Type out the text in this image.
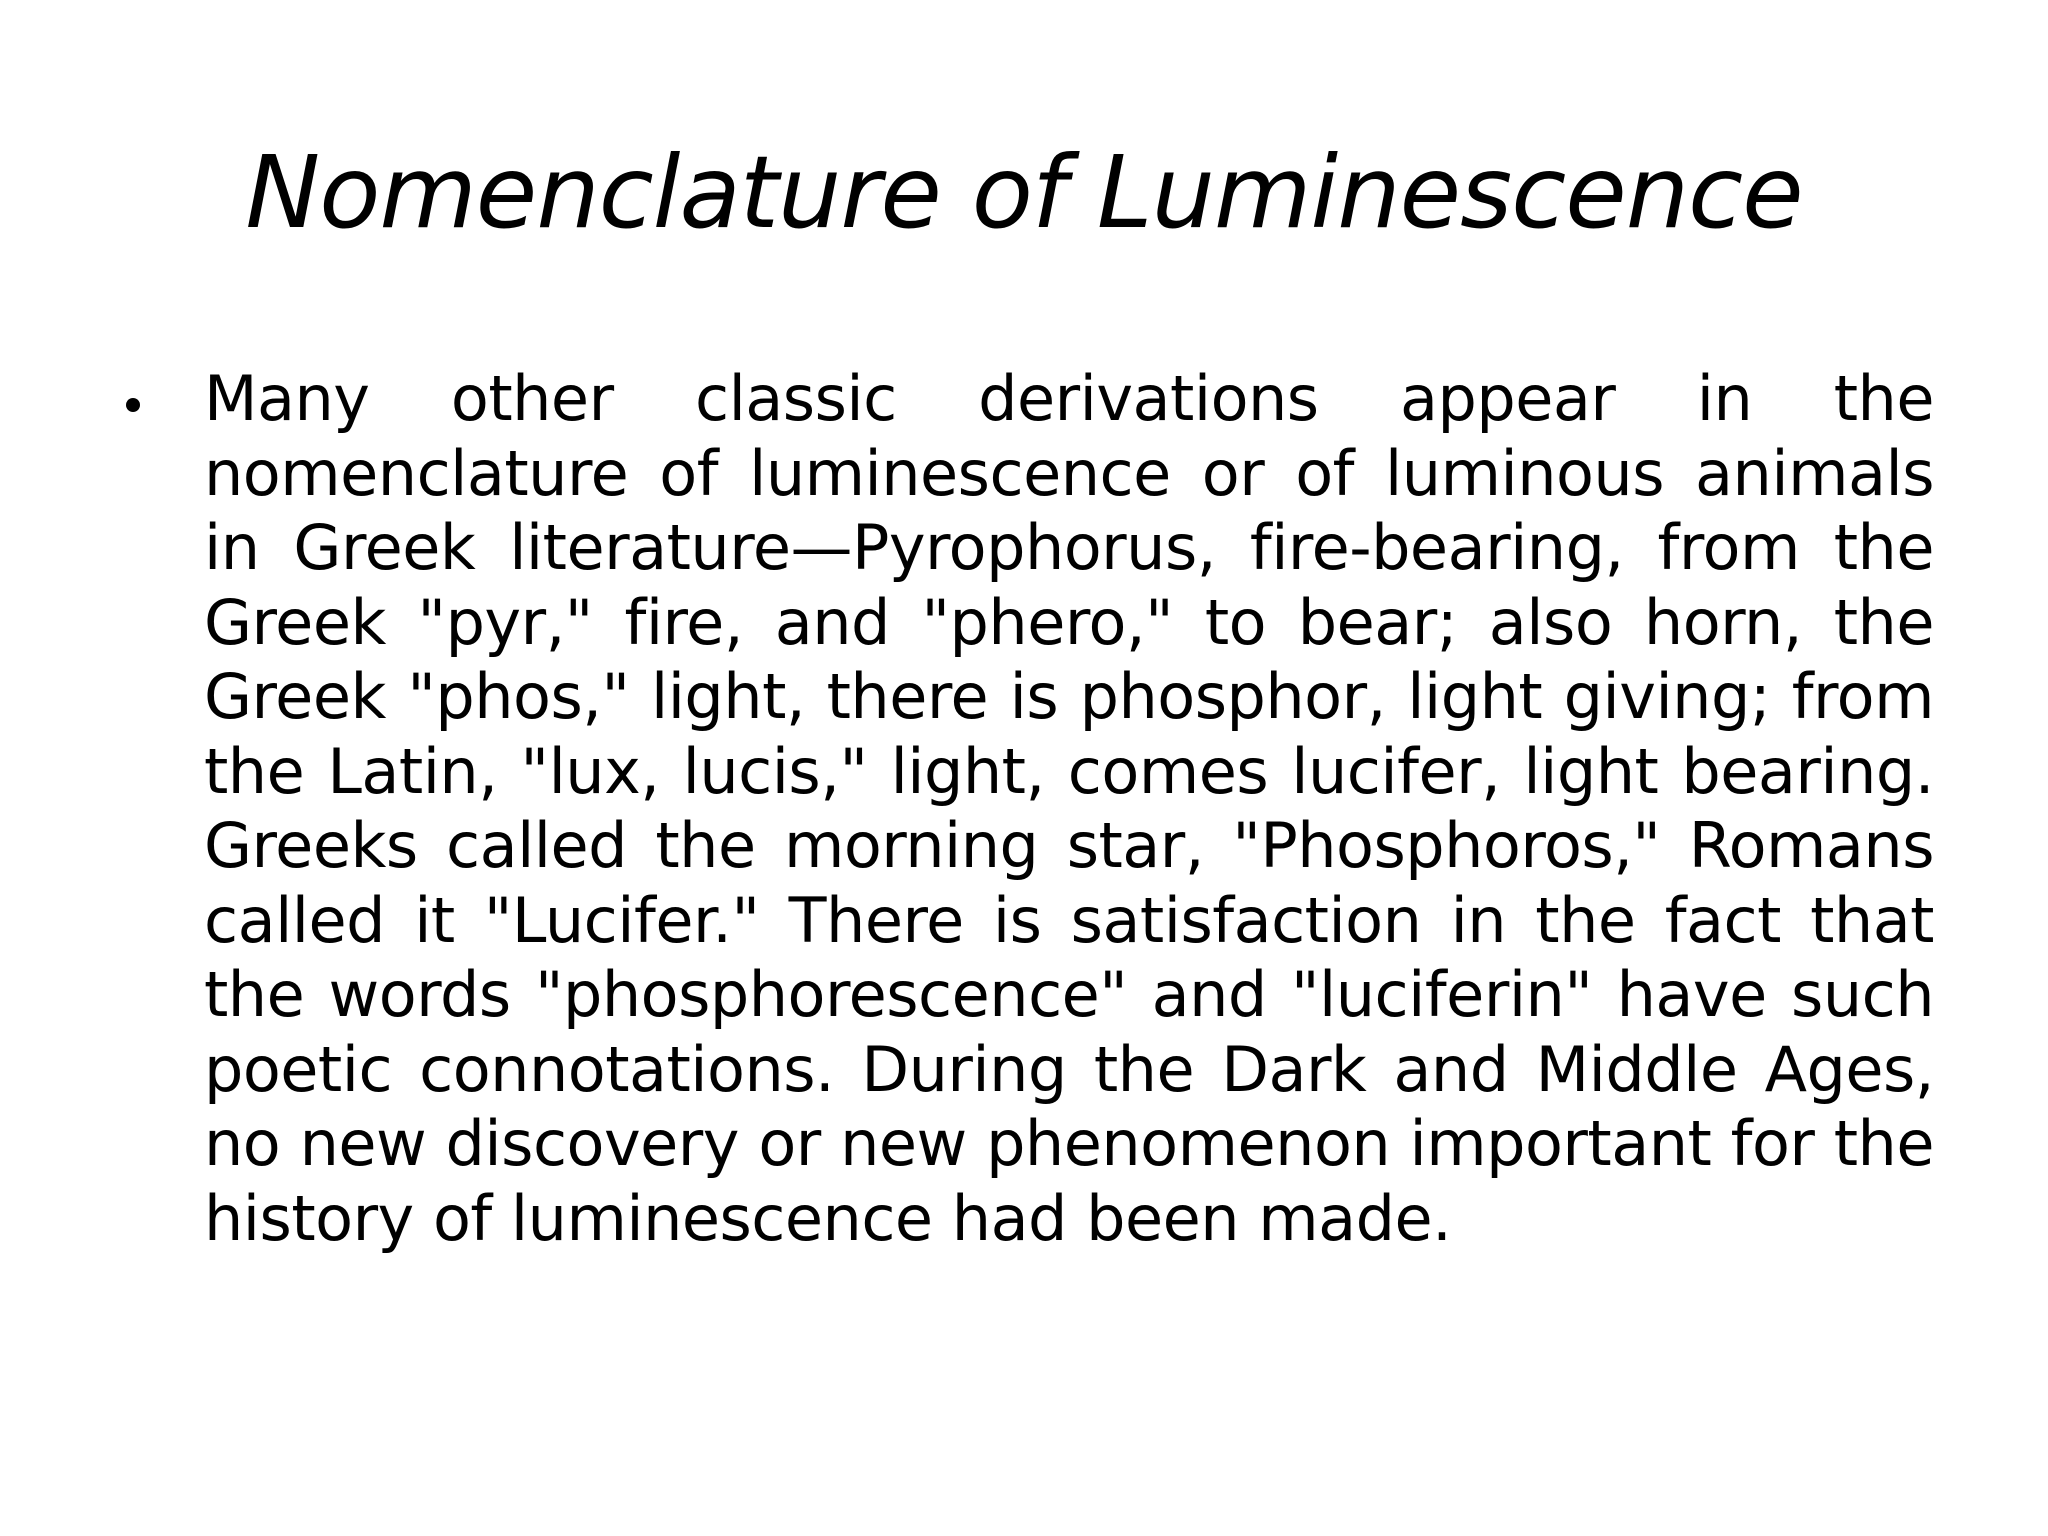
Nomenclature of Luminescence
Many other classic derivations appear in the nomenclature of luminescence or of luminous animals in Greek literature—Pyrophorus, fire-bearing, from the Greek "pyr," fire, and "phero," to bear; also horn, the Greek "phos," light, there is phosphor, light giving; from the Latin, "lux, lucis," light, comes lucifer, light bearing. Greeks called the morning star, "Phosphoros," Romans called it "Lucifer." There is satisfaction in the fact that the words "phosphorescence" and "luciferin" have such poetic connotations. During the Dark and Middle Ages, no new discovery or new phenomenon important for the history of luminescence had been made.
